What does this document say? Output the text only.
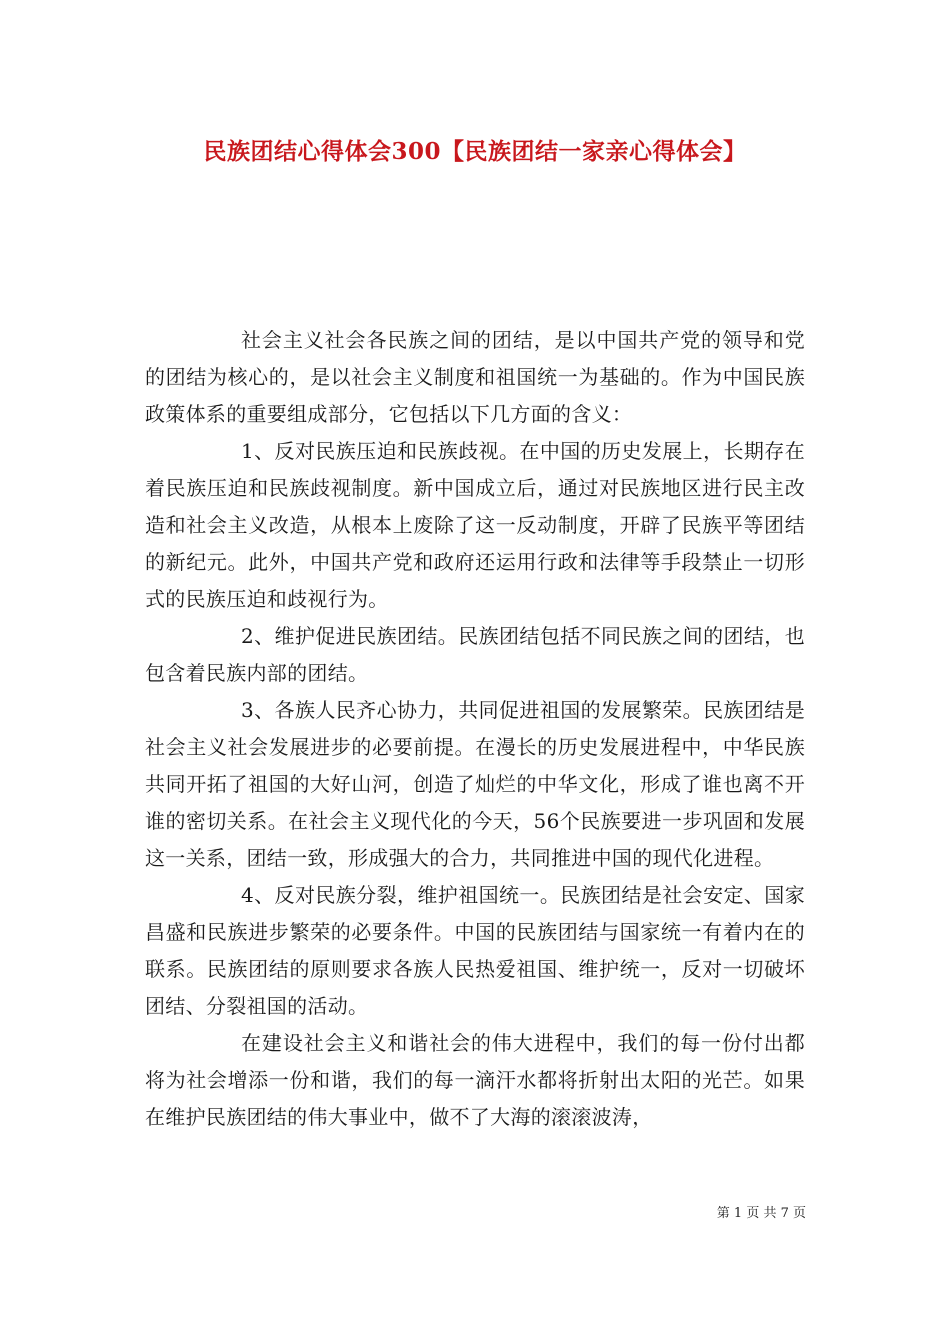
民族团结心得体会300【民族团结一家亲心得体会】

社会主义社会各民族之间的团结，是以中国共产党的领导和党的团结为核心的，是以社会主义制度和祖国统一为基础的。作为中国民族政策体系的重要组成部分，它包括以下几方面的含义：

1、反对民族压迫和民族歧视。在中国的历史发展上，长期存在着民族压迫和民族歧视制度。新中国成立后，通过对民族地区进行民主改造和社会主义改造，从根本上废除了这一反动制度，开辟了民族平等团结的新纪元。此外，中国共产党和政府还运用行政和法律等手段禁止一切形式的民族压迫和歧视行为。

2、维护促进民族团结。民族团结包括不同民族之间的团结，也包含着民族内部的团结。

3、各族人民齐心协力，共同促进祖国的发展繁荣。民族团结是社会主义社会发展进步的必要前提。在漫长的历史发展进程中，中华民族共同开拓了祖国的大好山河，创造了灿烂的中华文化，形成了谁也离不开谁的密切关系。在社会主义现代化的今天，56个民族要进一步巩固和发展这一关系，团结一致，形成强大的合力，共同推进中国的现代化进程。

4、反对民族分裂，维护祖国统一。民族团结是社会安定、国家昌盛和民族进步繁荣的必要条件。中国的民族团结与国家统一有着内在的联系。民族团结的原则要求各族人民热爱祖国、维护统一，反对一切破坏团结、分裂祖国的活动。

在建设社会主义和谐社会的伟大进程中，我们的每一份付出都将为社会增添一份和谐，我们的每一滴汗水都将折射出太阳的光芒。如果在维护民族团结的伟大事业中，做不了大海的滚滚波涛，

第 1 页 共 7 页
